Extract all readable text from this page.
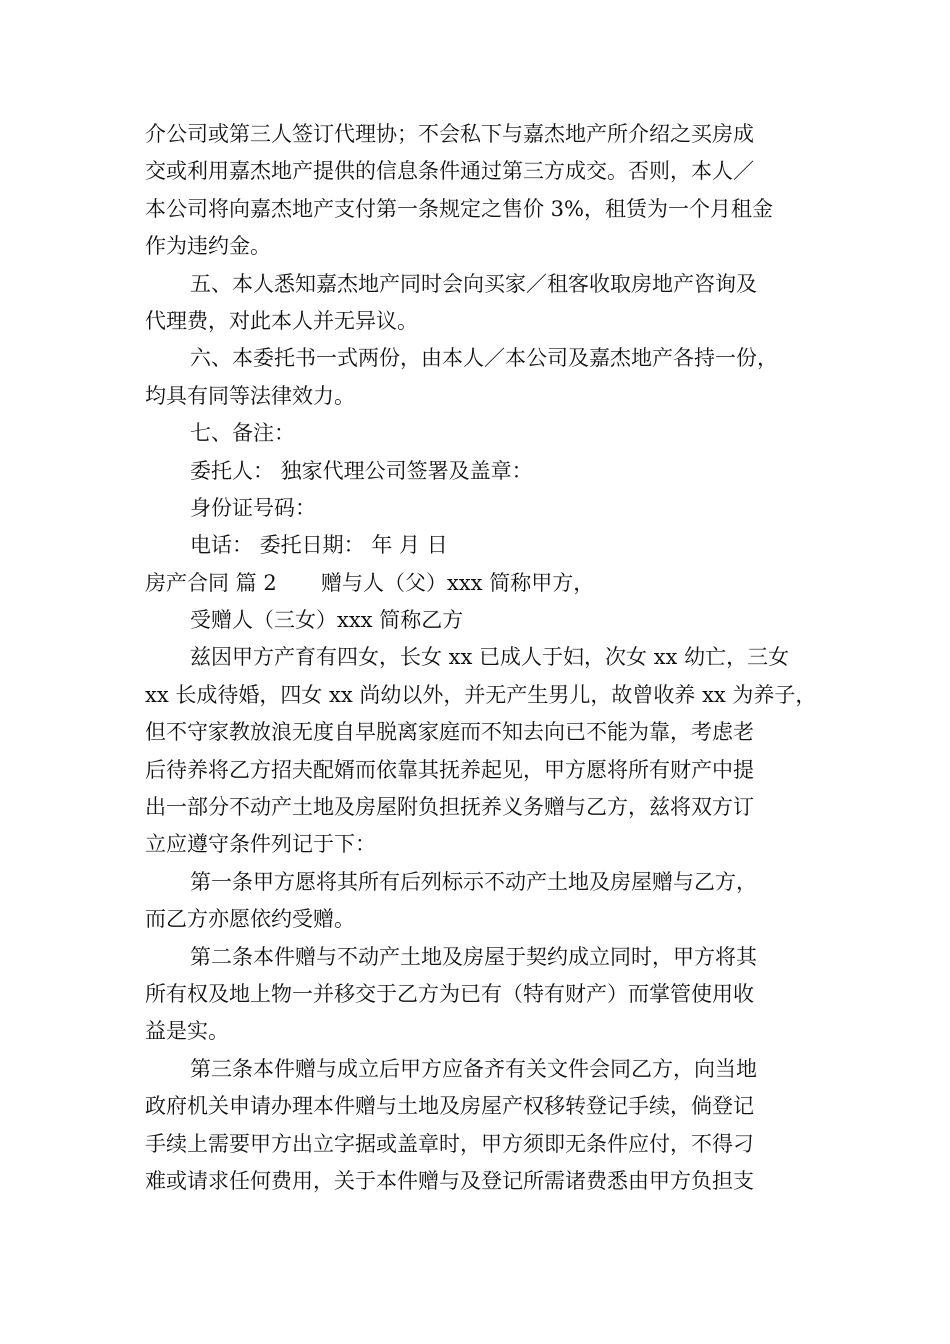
介公司或第三人签订代理协；不会私下与嘉杰地产所介绍之买房成
交或利用嘉杰地产提供的信息条件通过第三方成交。否则，本人／
本公司将向嘉杰地产支付第一条规定之售价 3%，租赁为一个月租金
作为违约金。
五、本人悉知嘉杰地产同时会向买家／租客收取房地产咨询及
代理费，对此本人并无异议。
六、本委托书一式两份，由本人／本公司及嘉杰地产各持一份，
均具有同等法律效力。
七、备注：
委托人： 独家代理公司签署及盖章：
身份证号码：
电话： 委托日期： 年 月 日
房产合同 篇 2 赠与人（父）xxx 简称甲方，
受赠人（三女）xxx 简称乙方
兹因甲方产育有四女，长女 xx 已成人于妇，次女 xx 幼亡，三女
xx 长成待婚，四女 xx 尚幼以外，并无产生男儿，故曾收养 xx 为养子，
但不守家教放浪无度自早脱离家庭而不知去向已不能为靠，考虑老
后待养将乙方招夫配婿而依靠其抚养起见，甲方愿将所有财产中提
出一部分不动产土地及房屋附负担抚养义务赠与乙方，兹将双方订
立应遵守条件列记于下：
第一条甲方愿将其所有后列标示不动产土地及房屋赠与乙方，
而乙方亦愿依约受赠。
第二条本件赠与不动产土地及房屋于契约成立同时，甲方将其
所有权及地上物一并移交于乙方为已有（特有财产）而掌管使用收
益是实。
第三条本件赠与成立后甲方应备齐有关文件会同乙方，向当地
政府机关申请办理本件赠与土地及房屋产权移转登记手续，倘登记
手续上需要甲方出立字据或盖章时，甲方须即无条件应付，不得刁
难或请求任何费用，关于本件赠与及登记所需诸费悉由甲方负担支
